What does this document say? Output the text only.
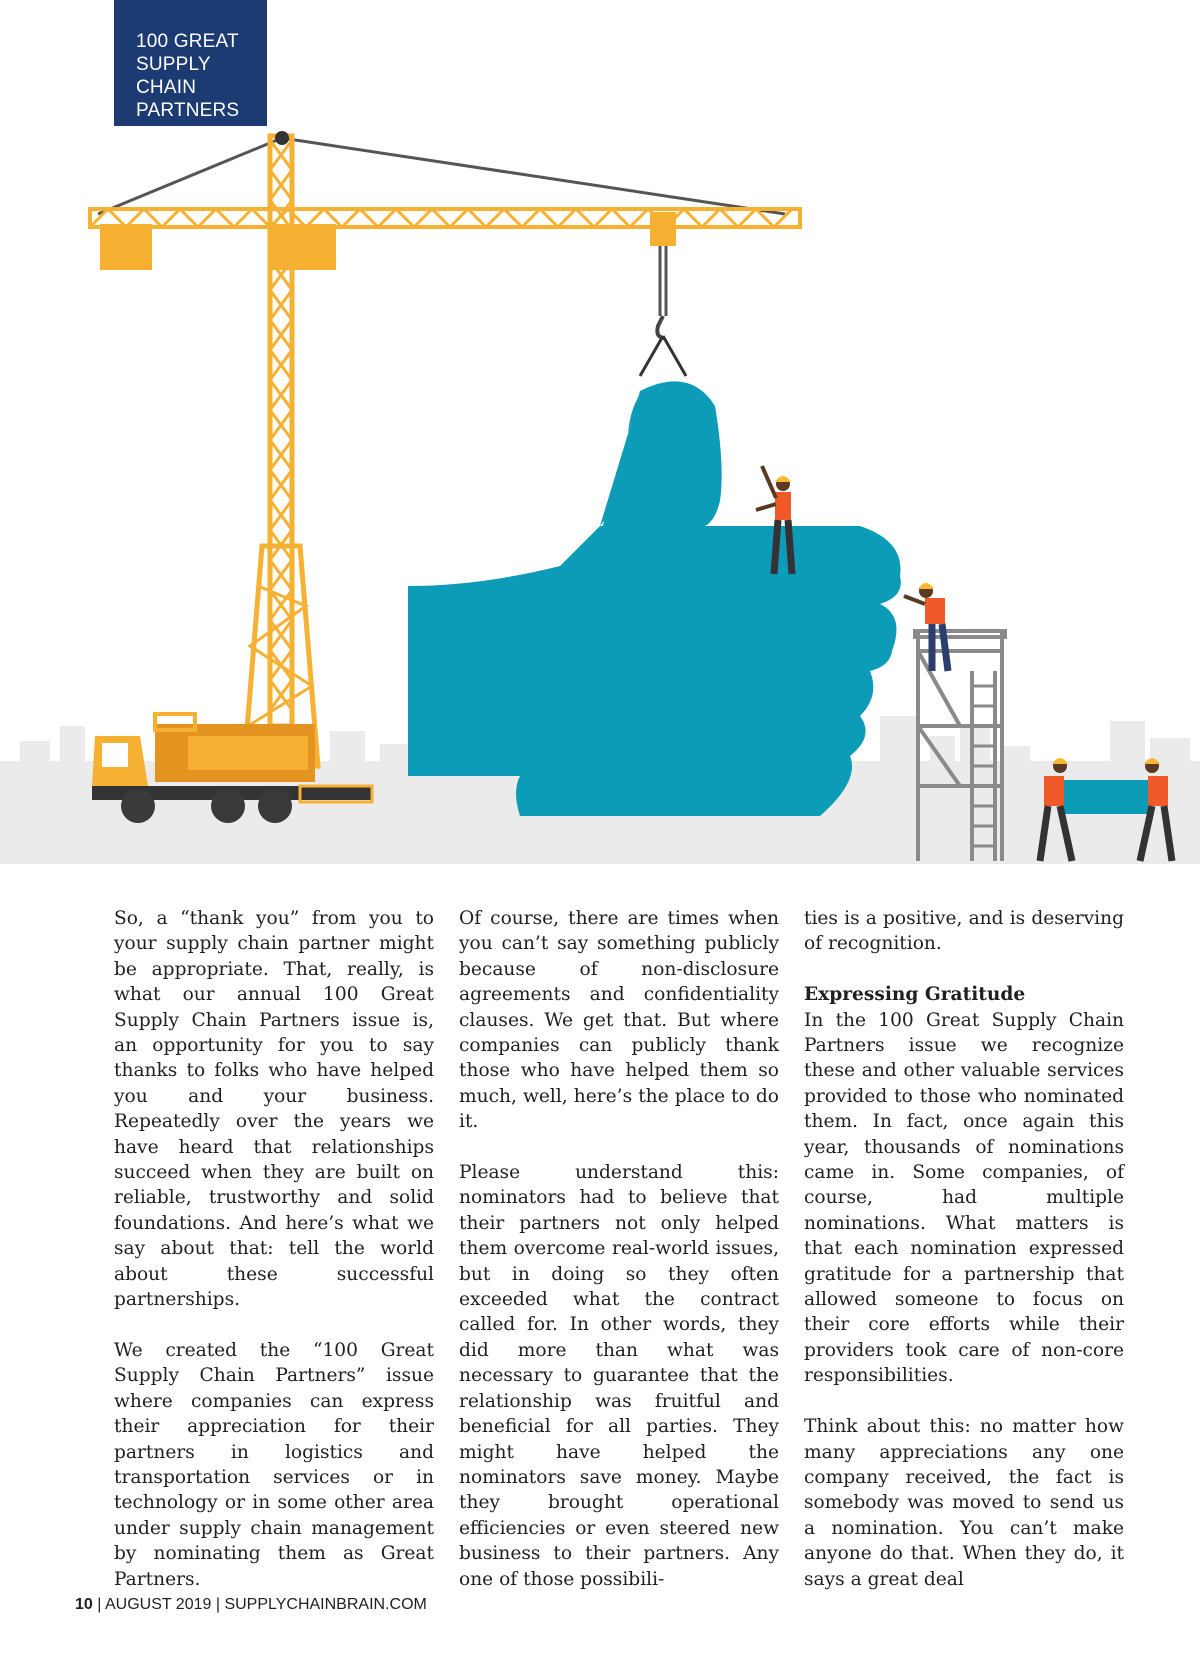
100 GREAT
SUPPLY CHAIN
PARTNERS

So, a “thank you” from you to your supply chain partner might be appropriate. That, really, is what our annual 100 Great Supply Chain Partners issue is, an opportunity for you to say thanks to folks who have helped you and your business. Repeatedly over the years we have heard that relationships succeed when they are built on reliable, trustworthy and solid foundations. And here’s what we say about that: tell the world about these successful partnerships.

We created the “100 Great Supply Chain Partners” issue where companies can express their appreciation for their partners in logistics and transportation services or in technology or in some other area under supply chain management by nominating them as Great Partners.

Of course, there are times when you can’t say something publicly because of non-disclosure agreements and confidentiality clauses. We get that. But where companies can publicly thank those who have helped them so much, well, here’s the place to do it.

Please understand this: nominators had to believe that their partners not only helped them overcome real-world issues, but in doing so they often exceeded what the contract called for. In other words, they did more than what was necessary to guarantee that the relationship was fruitful and beneficial for all parties. They might have helped the nominators save money. Maybe they brought operational efficiencies or even steered new business to their partners. Any one of those possibili-

ties is a positive, and is deserving of recognition.

Expressing Gratitude

In the 100 Great Supply Chain Partners issue we recognize these and other valuable services provided to those who nominated them. In fact, once again this year, thousands of nominations came in. Some companies, of course, had multiple nominations. What matters is that each nomination expressed gratitude for a partnership that allowed someone to focus on their core efforts while their providers took care of non-core responsibilities.

Think about this: no matter how many appreciations any one company received, the fact is somebody was moved to send us a nomination. You can’t make anyone do that. When they do, it says a great deal

10 | AUGUST 2019 | SUPPLYCHAINBRAIN.COM
